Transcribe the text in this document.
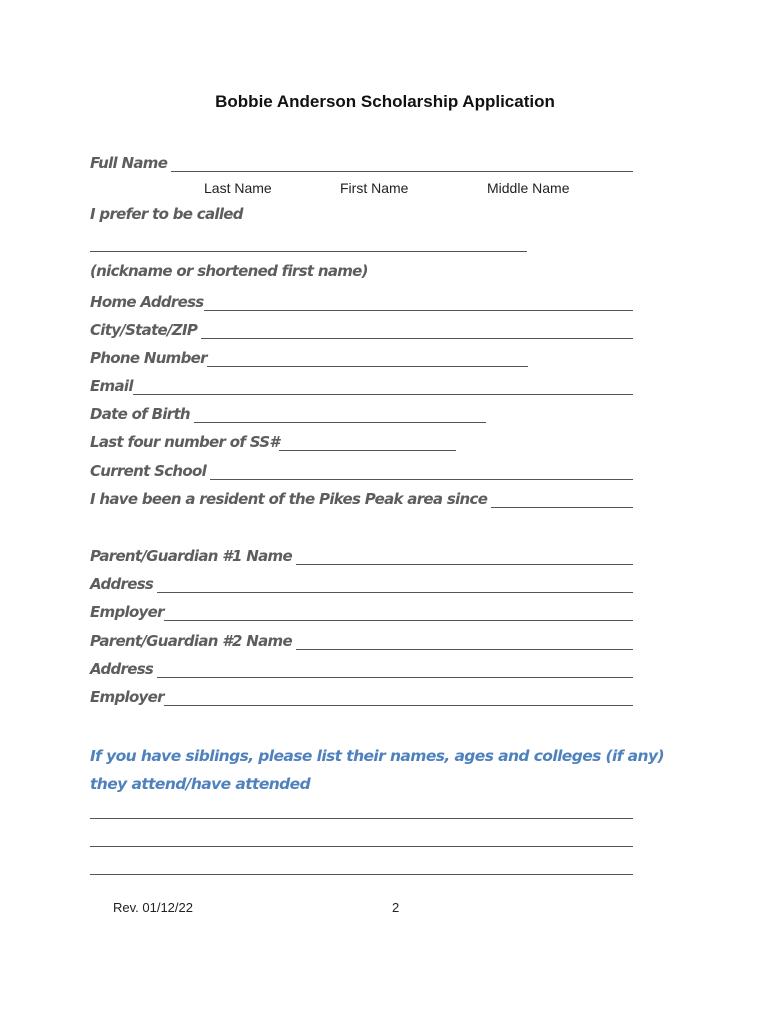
Bobbie Anderson Scholarship Application
Full Name
Last Name	First Name	Middle Name
I prefer to be called
(nickname or shortened first name)
Home Address
City/State/ZIP
Phone Number
Email
Date of Birth
Last four number of SS#
Current School
I have been a resident of the Pikes Peak area since
Parent/Guardian #1 Name
Address
Employer
Parent/Guardian #2 Name
Address
Employer
If you have siblings, please list their names, ages and colleges (if any) they attend/have attended
Rev. 01/12/22	2
